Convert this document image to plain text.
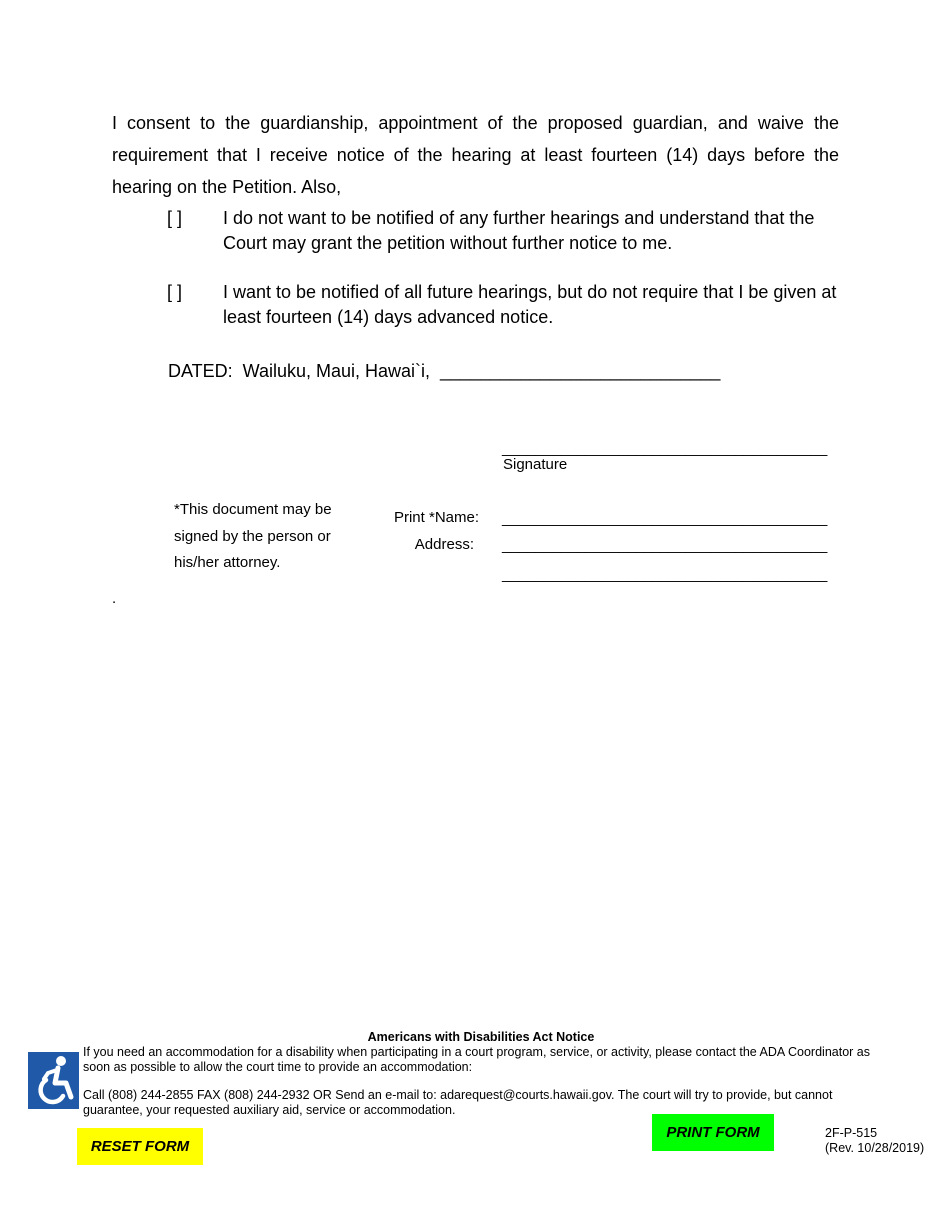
I consent to the guardianship, appointment of the proposed guardian, and waive the requirement that I receive notice of the hearing at least fourteen (14) days before the hearing on the Petition. Also,
[ ] I do not want to be notified of any further hearings and understand that the Court may grant the petition without further notice to me.
[ ] I want to be notified of all future hearings, but do not require that I be given at least fourteen (14) days advanced notice.
DATED:  Wailuku, Maui, Hawai`i,  ____________________________
_______________________________________
Signature
*This document may be signed by the person or his/her attorney.
Print *Name: _______________________________________
Address: _______________________________________
_______________________________________
.
Americans with Disabilities Act Notice
If you need an accommodation for a disability when participating in a court program, service, or activity, please contact the ADA Coordinator as soon as possible to allow the court time to provide an accommodation:
Call (808) 244-2855 FAX (808) 244-2932 OR Send an e-mail to: adarequest@courts.hawaii.gov. The court will try to provide, but cannot guarantee, your requested auxiliary aid, service or accommodation.
RESET FORM
PRINT FORM	2F-P-515
(Rev. 10/28/2019)
